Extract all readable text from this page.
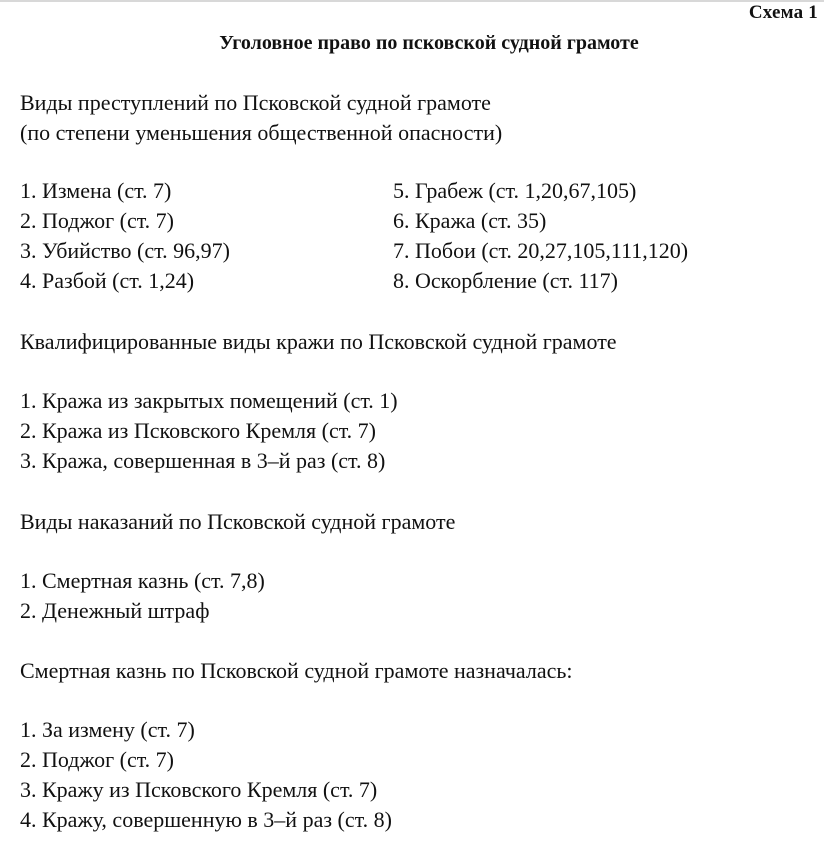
Схема 1
Уголовное право по псковской судной грамоте
Виды преступлений по Псковской судной грамоте
(по степени уменьшения общественной опасности)
1. Измена (ст. 7)
2. Поджог (ст. 7)
3. Убийство (ст. 96,97)
4. Разбой (ст. 1,24)
5. Грабеж (ст. 1,20,67,105)
6. Кража (ст. 35)
7. Побои (ст. 20,27,105,111,120)
8. Оскорбление (ст. 117)
Квалифицированные виды кражи по Псковской судной грамоте
1. Кража из закрытых помещений (ст. 1)
2. Кража из Псковского Кремля (ст. 7)
3. Кража, совершенная в 3–й раз (ст. 8)
Виды наказаний по Псковской судной грамоте
1. Смертная казнь (ст. 7,8)
2. Денежный штраф
Смертная казнь по Псковской судной грамоте назначалась:
1. За измену (ст. 7)
2. Поджог (ст. 7)
3. Кражу из Псковского Кремля (ст. 7)
4. Кражу, совершенную в 3–й раз (ст. 8)
